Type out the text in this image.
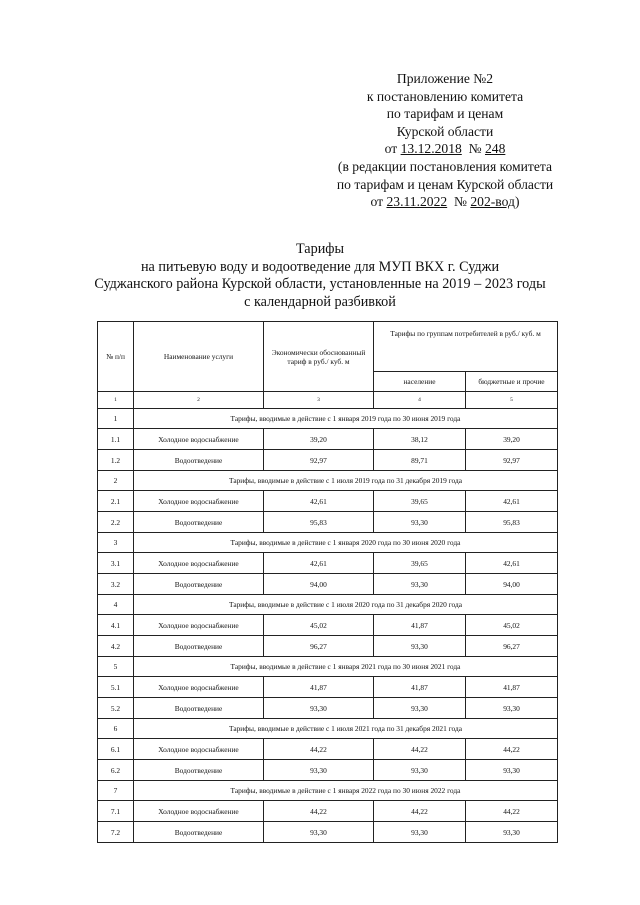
Приложение №2
к постановлению комитета
по тарифам и ценам
Курской области
от 13.12.2018 № 248
(в редакции постановления комитета
по тарифам и ценам Курской области
от 23.11.2022 № 202-вод)
Тарифы
на питьевую воду и водоотведение для МУП ВКХ г. Суджи
Суджанского района Курской области, установленные на 2019 – 2023 годы
с календарной разбивкой
№ п/п	Наименование услуги	Экономически обоснованный тариф в руб./ куб. м	Тарифы по группам потребителей в руб./ куб. м	
			население	бюджетные и прочие
1	2	3	4	5
1	Тарифы, вводимые в действие с 1 января 2019 года по 30 июня 2019 года			
1.1	Холодное водоснабжение	39,20	38,12	39,20
1.2	Водоотведение	92,97	89,71	92,97
2	Тарифы, вводимые в действие с 1 июля 2019 года по 31 декабря 2019 года			
2.1	Холодное водоснабжение	42,61	39,65	42,61
2.2	Водоотведение	95,83	93,30	95,83
3	Тарифы, вводимые в действие с 1 января 2020 года по 30 июня 2020 года			
3.1	Холодное водоснабжение	42,61	39,65	42,61
3.2	Водоотведение	94,00	93,30	94,00
4	Тарифы, вводимые в действие с 1 июля 2020 года по 31 декабря 2020 года			
4.1	Холодное водоснабжение	45,02	41,87	45,02
4.2	Водоотведение	96,27	93,30	96,27
5	Тарифы, вводимые в действие с 1 января 2021 года по 30 июня 2021 года			
5.1	Холодное водоснабжение	41,87	41,87	41,87
5.2	Водоотведение	93,30	93,30	93,30
6	Тарифы, вводимые в действие с 1 июля 2021 года по 31 декабря 2021 года			
6.1	Холодное водоснабжение	44,22	44,22	44,22
6.2	Водоотведение	93,30	93,30	93,30
7	Тарифы, вводимые в действие с 1 января 2022 года по 30 июня 2022 года			
7.1	Холодное водоснабжение	44,22	44,22	44,22
7.2	Водоотведение	93,30	93,30	93,30
